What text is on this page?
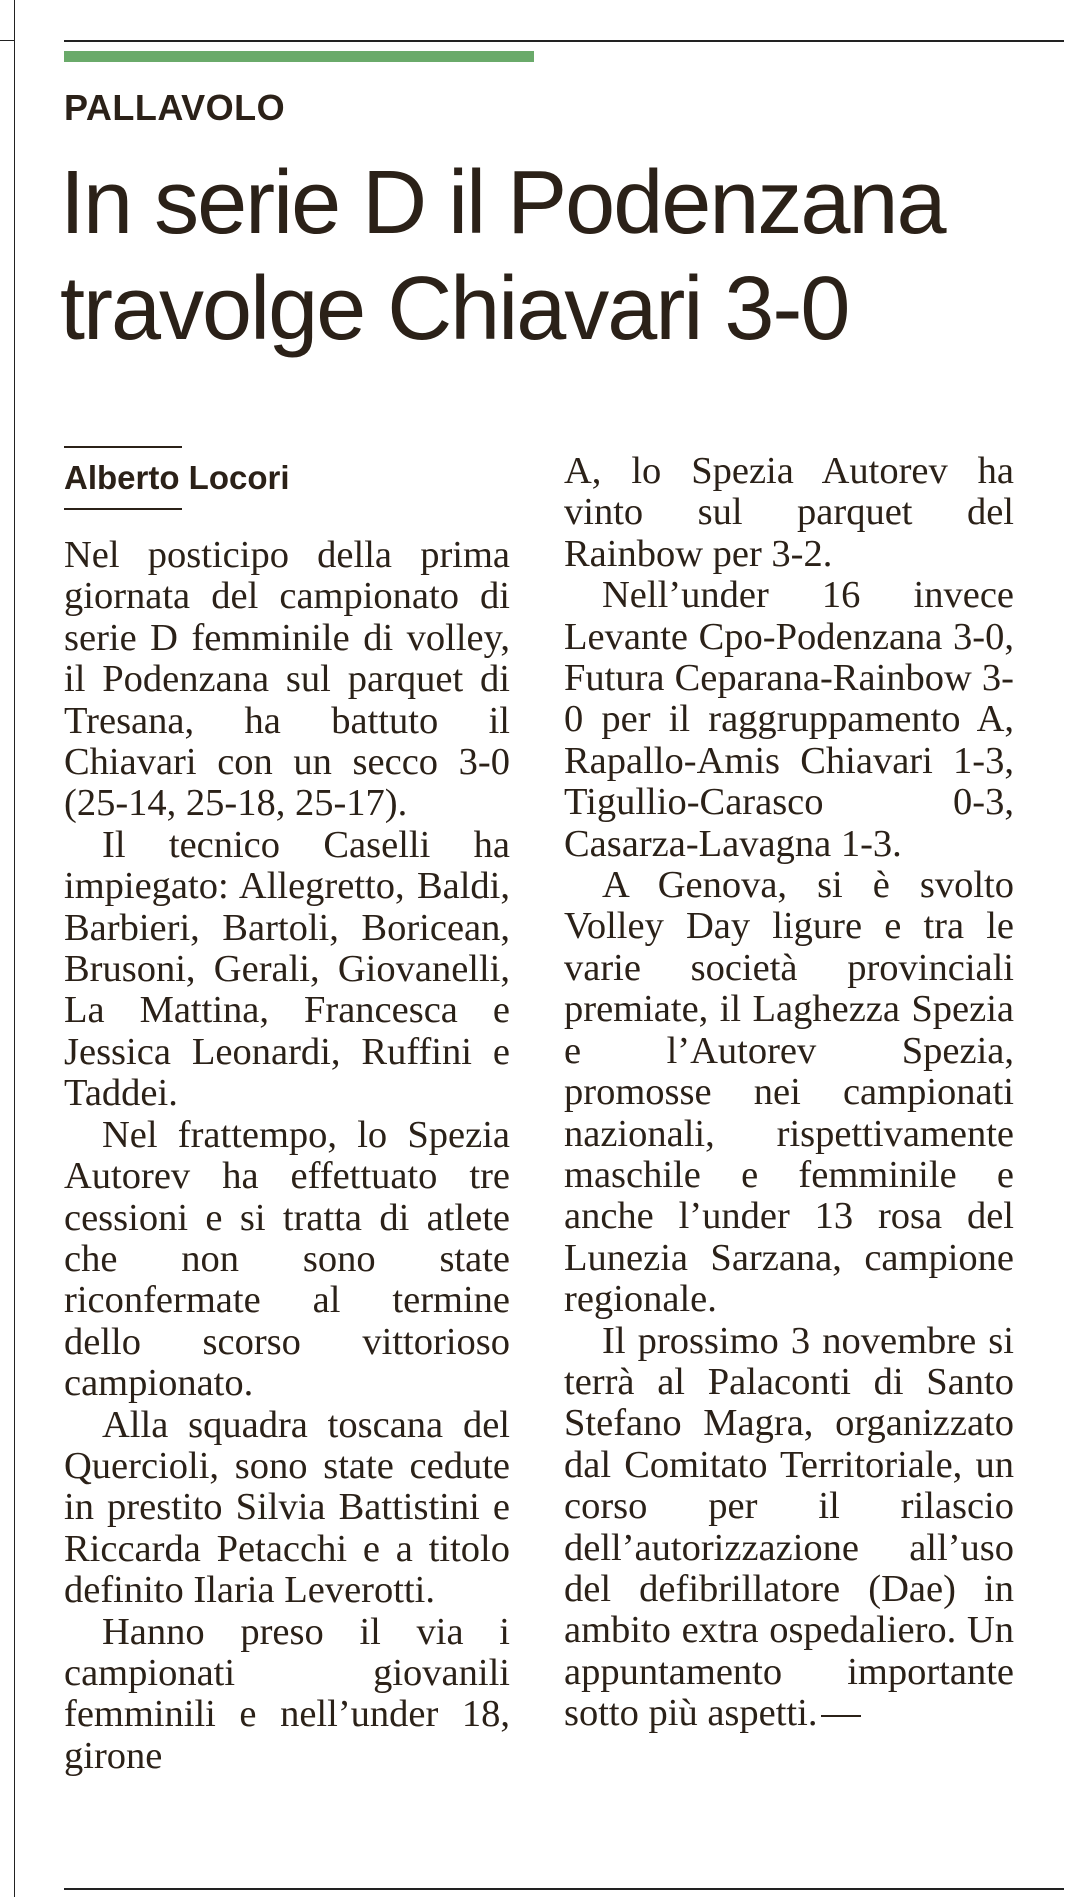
PALLAVOLO
In serie D il Podenzana travolge Chiavari 3-0
Alberto Locori

Nel posticipo della prima giornata del campionato di serie D femminile di volley, il Podenzana sul parquet di Tresana, ha battuto il Chiavari con un secco 3-0 (25-14, 25-18, 25-17).

Il tecnico Caselli ha impiegato: Allegretto, Baldi, Barbieri, Bartoli, Boricean, Brusoni, Gerali, Giovanelli, La Mattina, Francesca e Jessica Leonardi, Ruffini e Taddei.

Nel frattempo, lo Spezia Autorev ha effettuato tre cessioni e si tratta di atlete che non sono state riconfermate al termine dello scorso vittorioso campionato.

Alla squadra toscana del Quercioli, sono state cedute in prestito Silvia Battistini e Riccarda Petacchi e a titolo definito Ilaria Leverotti.

Hanno preso il via i campionati giovanili femminili e nell’under 18, girone

A, lo Spezia Autorev ha vinto sul parquet del Rainbow per 3-2.

Nell’under 16 invece Levante Cpo-Podenzana 3-0, Futura Ceparana-Rainbow 3-0 per il raggruppamento A, Rapallo-Amis Chiavari 1-3, Tigullio-Carasco 0-3, Casarza-Lavagna 1-3.

A Genova, si è svolto Volley Day ligure e tra le varie società provinciali premiate, il Laghezza Spezia e l’Autorev Spezia, promosse nei campionati nazionali, rispettivamente maschile e femminile e anche l’under 13 rosa del Lunezia Sarzana, campione regionale.

Il prossimo 3 novembre si terrà al Palaconti di Santo Stefano Magra, organizzato dal Comitato Territoriale, un corso per il rilascio dell’autorizzazione all’uso del defibrillatore (Dae) in ambito extra ospedaliero. Un appuntamento importante sotto più aspetti.
